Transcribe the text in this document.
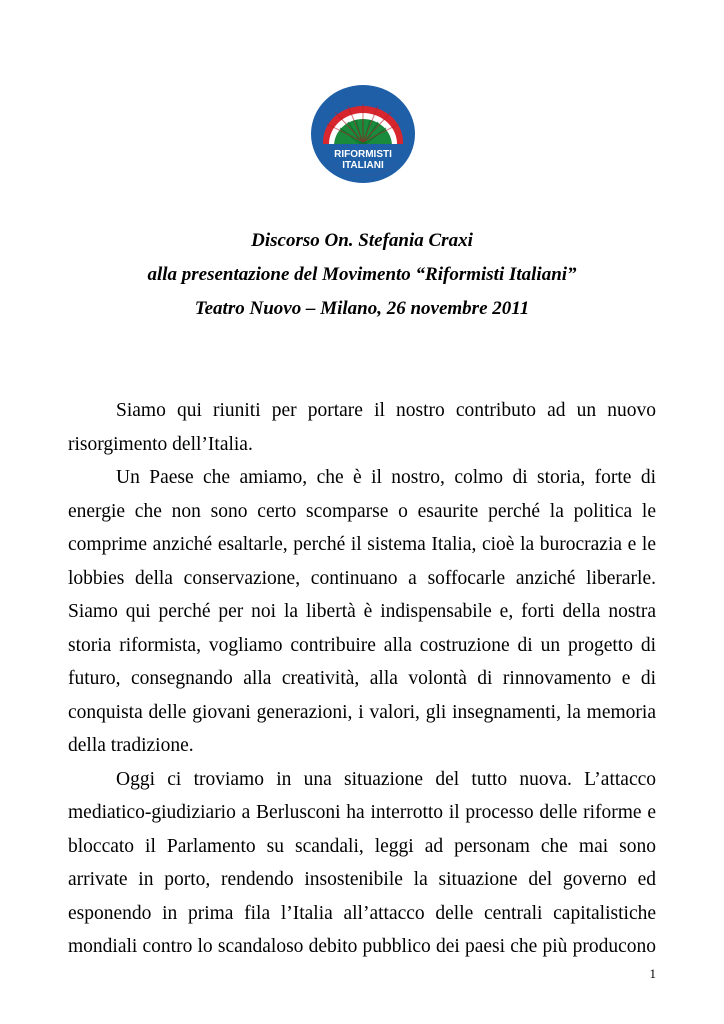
RIFORMISTI
ITALIANI
Discorso On. Stefania Craxi
alla presentazione del Movimento “Riformisti Italiani”
Teatro Nuovo – Milano, 26 novembre 2011

Siamo qui riuniti per portare il nostro contributo ad un nuovo risorgimento dell’Italia.

Un Paese che amiamo, che è il nostro, colmo di storia, forte di energie che non sono certo scomparse o esaurite perché la politica le comprime anziché esaltarle, perché il sistema Italia, cioè la burocrazia e le lobbies della conservazione, continuano a soffocarle anziché liberarle. Siamo qui perché per noi la libertà è indispensabile e, forti della nostra storia riformista, vogliamo contribuire alla costruzione di un progetto di futuro, consegnando alla creatività, alla volontà di rinnovamento e di conquista delle giovani generazioni, i valori, gli insegnamenti, la memoria della tradizione.

Oggi ci troviamo in una situazione del tutto nuova. L’attacco mediatico-giudiziario a Berlusconi ha interrotto il processo delle riforme e bloccato il Parlamento su scandali, leggi ad personam che mai sono arrivate in porto, rendendo insostenibile la situazione del governo ed esponendo in prima fila l’Italia all’attacco delle centrali capitalistiche mondiali contro lo scandaloso debito pubblico dei paesi che più producono

1
